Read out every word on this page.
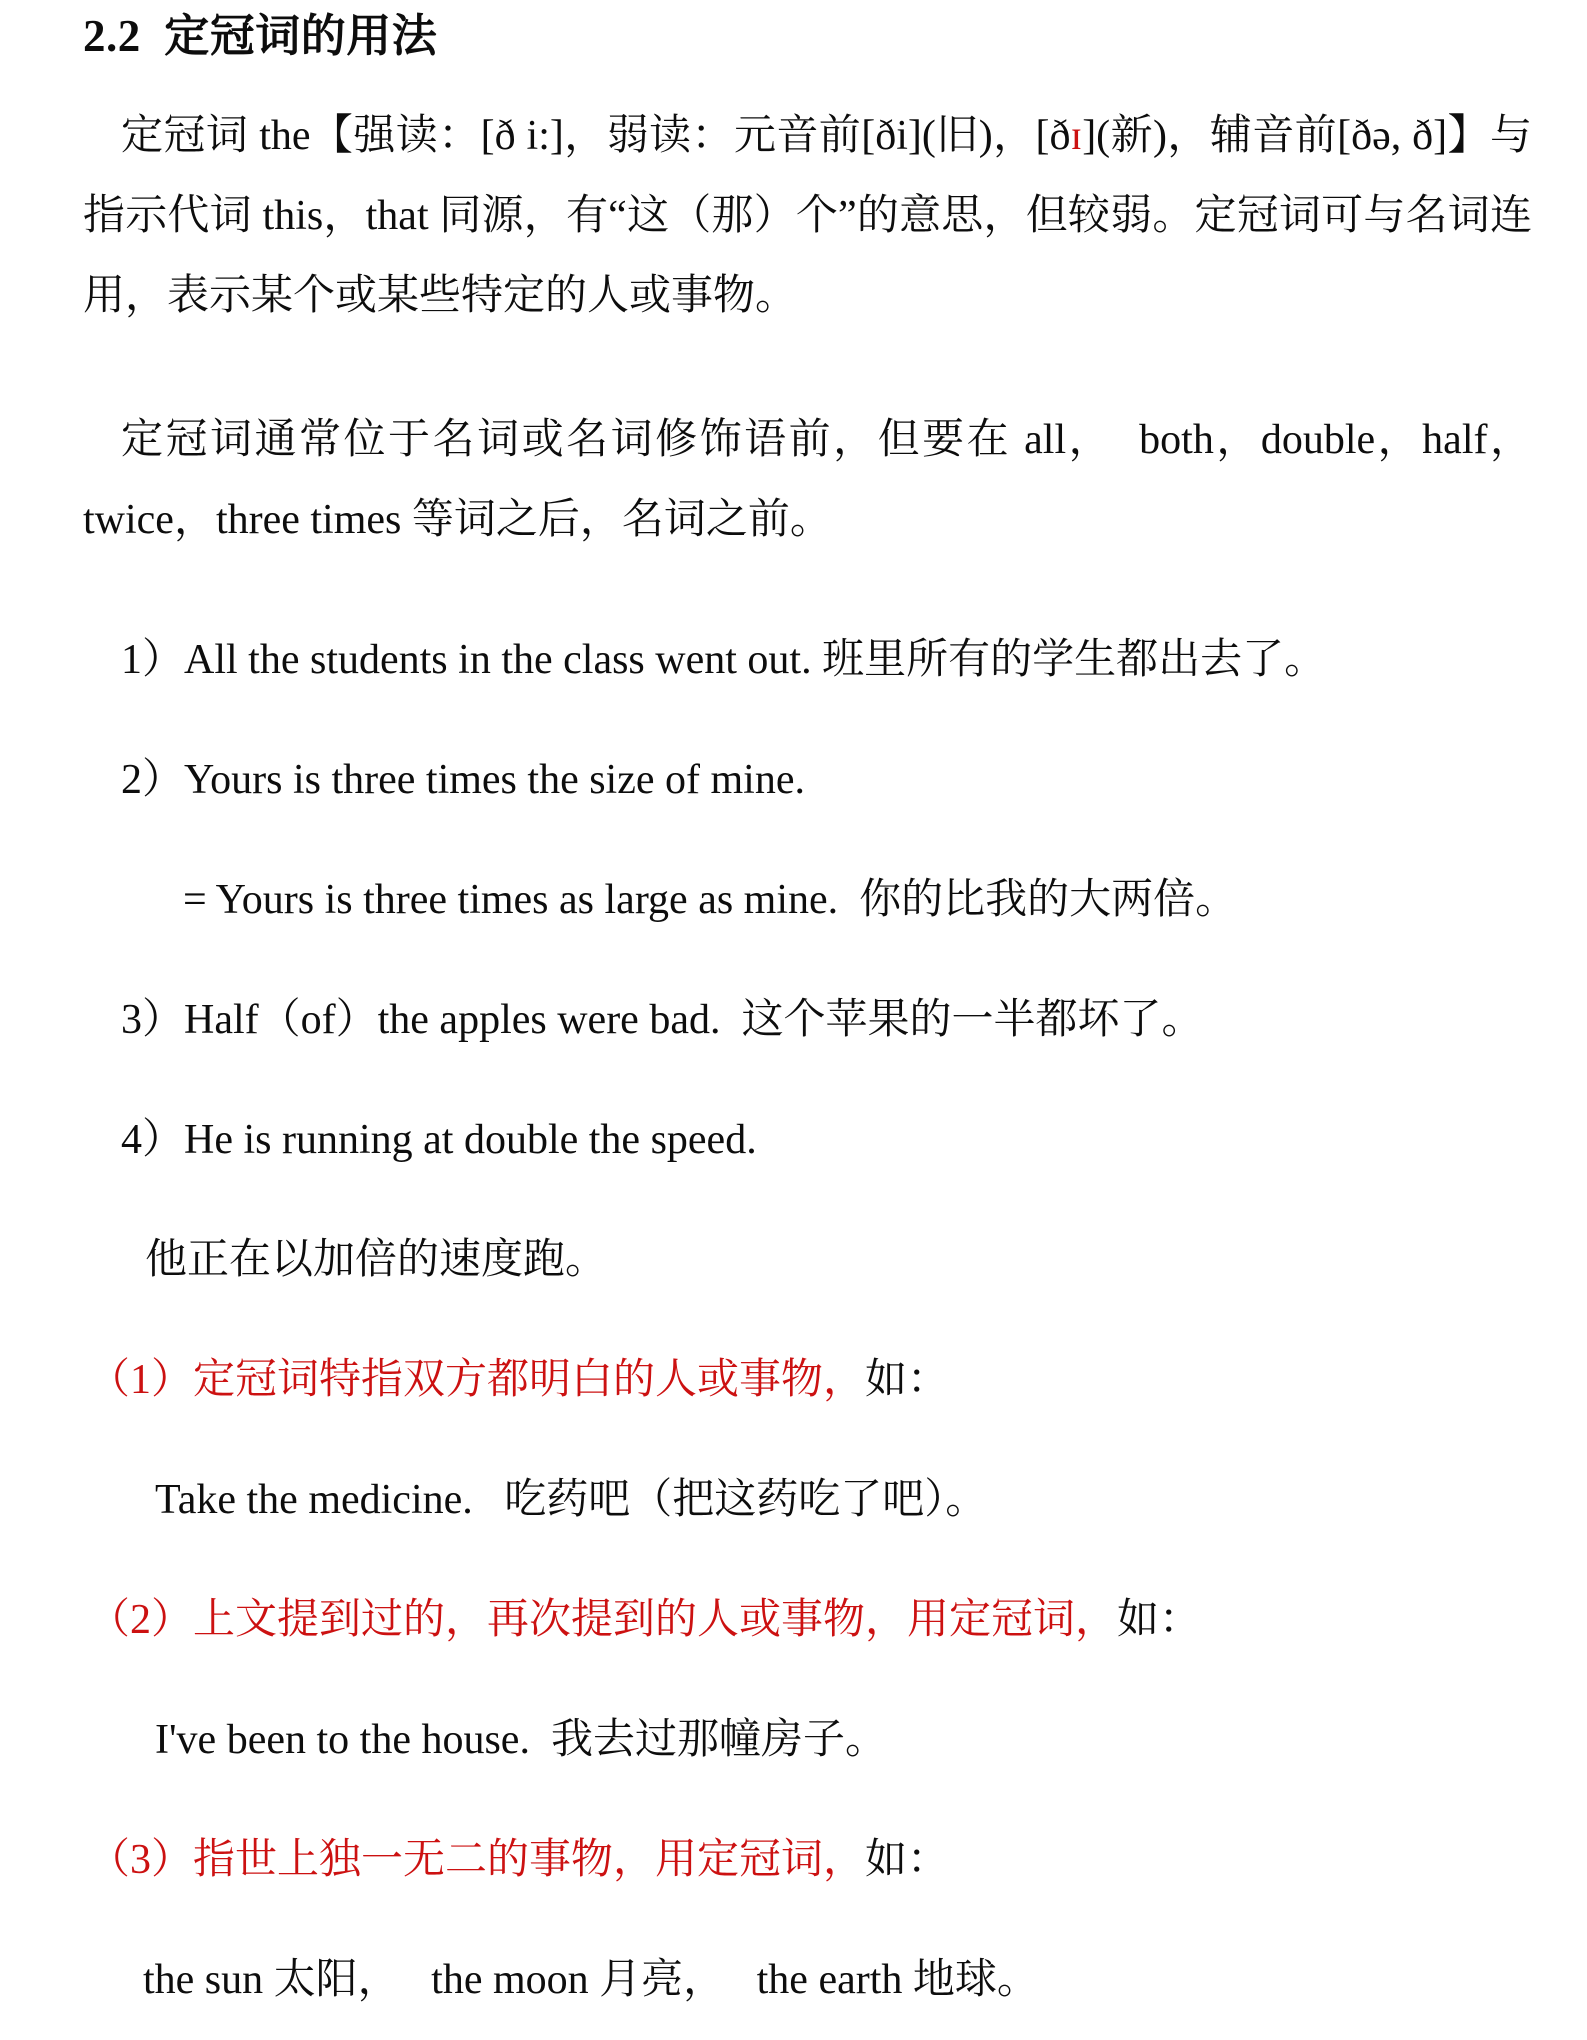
2.2  定冠词的用法

定冠词 the【强读：[ð i:]，弱读：元音前[ði](旧)，[ðɪ](新)，辅音前[ðə, ð]】与指示代词 this，that 同源，有“这（那）个”的意思，但较弱。定冠词可与名词连用，表示某个或某些特定的人或事物。

定冠词通常位于名词或名词修饰语前，但要在 all，  both，double，half，twice，three times 等词之后，名词之前。

1）All the students in the class went out. 班里所有的学生都出去了。

2）Yours is three times the size of mine.

= Yours is three times as large as mine.  你的比我的大两倍。

3）Half（of）the apples were bad.  这个苹果的一半都坏了。

4）He is running at double the speed.

他正在以加倍的速度跑。

（1）定冠词特指双方都明白的人或事物，如：

Take the medicine.   吃药吧（把这药吃了吧）。

（2）上文提到过的，再次提到的人或事物，用定冠词，如：

I've been to the house.  我去过那幢房子。

（3）指世上独一无二的事物，用定冠词，如：

the sun 太阳，   the moon 月亮，   the earth 地球。
